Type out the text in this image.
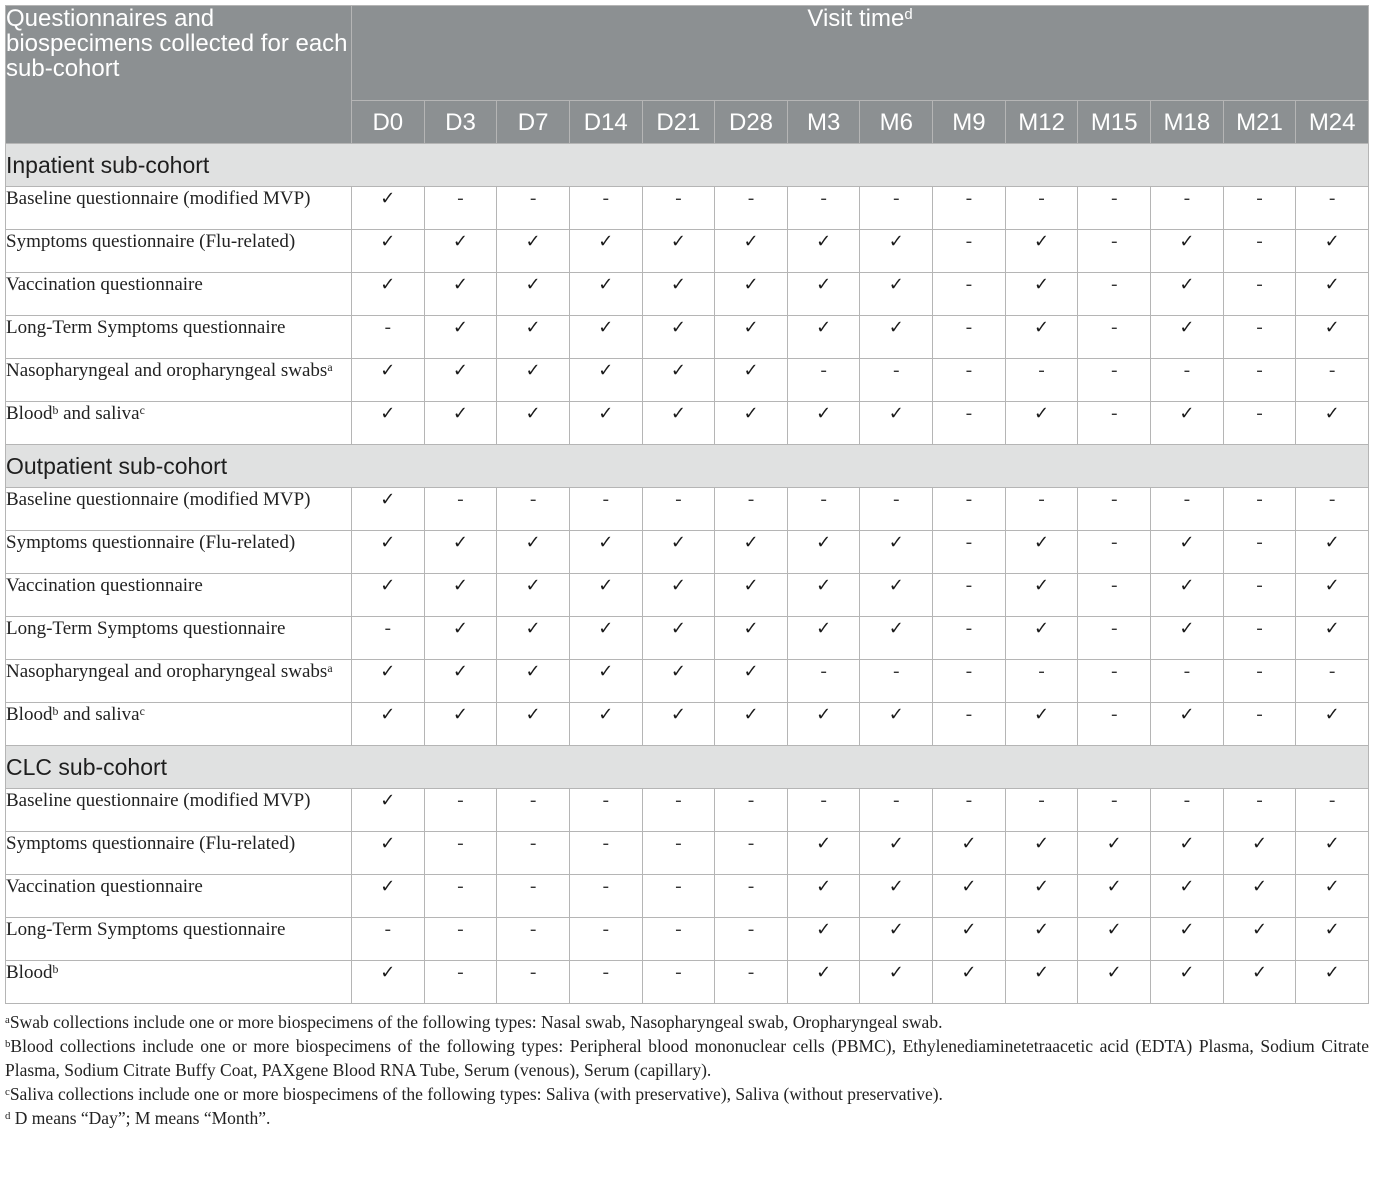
Questionnaires and biospecimens collected for each sub-cohort	Visit time$^d$
	D0	D3	D7	D14	D21	D28	M3	M6	M9	M12	M15	M18	M21	M24
Inpatient sub-cohort														
Baseline questionnaire (modified MVP)	✓	-	-	-	-	-	-	-	-	-	-	-	-	-
Symptoms questionnaire (Flu-related)	✓	✓	✓	✓	✓	✓	✓	✓	-	✓	-	✓	-	✓
Vaccination questionnaire	✓	✓	✓	✓	✓	✓	✓	✓	-	✓	-	✓	-	✓
Long-Term Symptoms questionnaire	-	✓	✓	✓	✓	✓	✓	✓	-	✓	-	✓	-	✓
Nasopharyngeal and oropharyngeal swabs$^a$	✓	✓	✓	✓	✓	✓	-	-	-	-	-	-	-	-
Blood$^b$ and saliva$^c$	✓	✓	✓	✓	✓	✓	✓	✓	-	✓	-	✓	-	✓
Outpatient sub-cohort														
Baseline questionnaire (modified MVP)	✓	-	-	-	-	-	-	-	-	-	-	-	-	-
Symptoms questionnaire (Flu-related)	✓	✓	✓	✓	✓	✓	✓	✓	-	✓	-	✓	-	✓
Vaccination questionnaire	✓	✓	✓	✓	✓	✓	✓	✓	-	✓	-	✓	-	✓
Long-Term Symptoms questionnaire	-	✓	✓	✓	✓	✓	✓	✓	-	✓	-	✓	-	✓
Nasopharyngeal and oropharyngeal swabs$^a$	✓	✓	✓	✓	✓	✓	-	-	-	-	-	-	-	-
Blood$^b$ and saliva$^c$	✓	✓	✓	✓	✓	✓	✓	✓	-	✓	-	✓	-	✓
CLC sub-cohort														
Baseline questionnaire (modified MVP)	✓	-	-	-	-	-	-	-	-	-	-	-	-	-
Symptoms questionnaire (Flu-related)	✓	-	-	-	-	-	✓	✓	✓	✓	✓	✓	✓	✓
Vaccination questionnaire	✓	-	-	-	-	-	✓	✓	✓	✓	✓	✓	✓	✓
Long-Term Symptoms questionnaire	-	-	-	-	-	-	✓	✓	✓	✓	✓	✓	✓	✓
Blood$^b$	✓	-	-	-	-	-	✓	✓	✓	✓	✓	✓	✓	✓

$^a$Swab collections include one or more biospecimens of the following types: Nasal swab, Nasopharyngeal swab, Oropharyngeal swab.

$^b$Blood collections include one or more biospecimens of the following types: Peripheral blood mononuclear cells (PBMC), Ethylenediaminetetraacetic acid (EDTA) Plasma, Sodium Citrate Plasma, Sodium Citrate Buffy Coat, PAXgene Blood RNA Tube, Serum (venous), Serum (capillary).

$^c$Saliva collections include one or more biospecimens of the following types: Saliva (with preservative), Saliva (without preservative).

$^d$ D means “Day”; M means “Month”.
